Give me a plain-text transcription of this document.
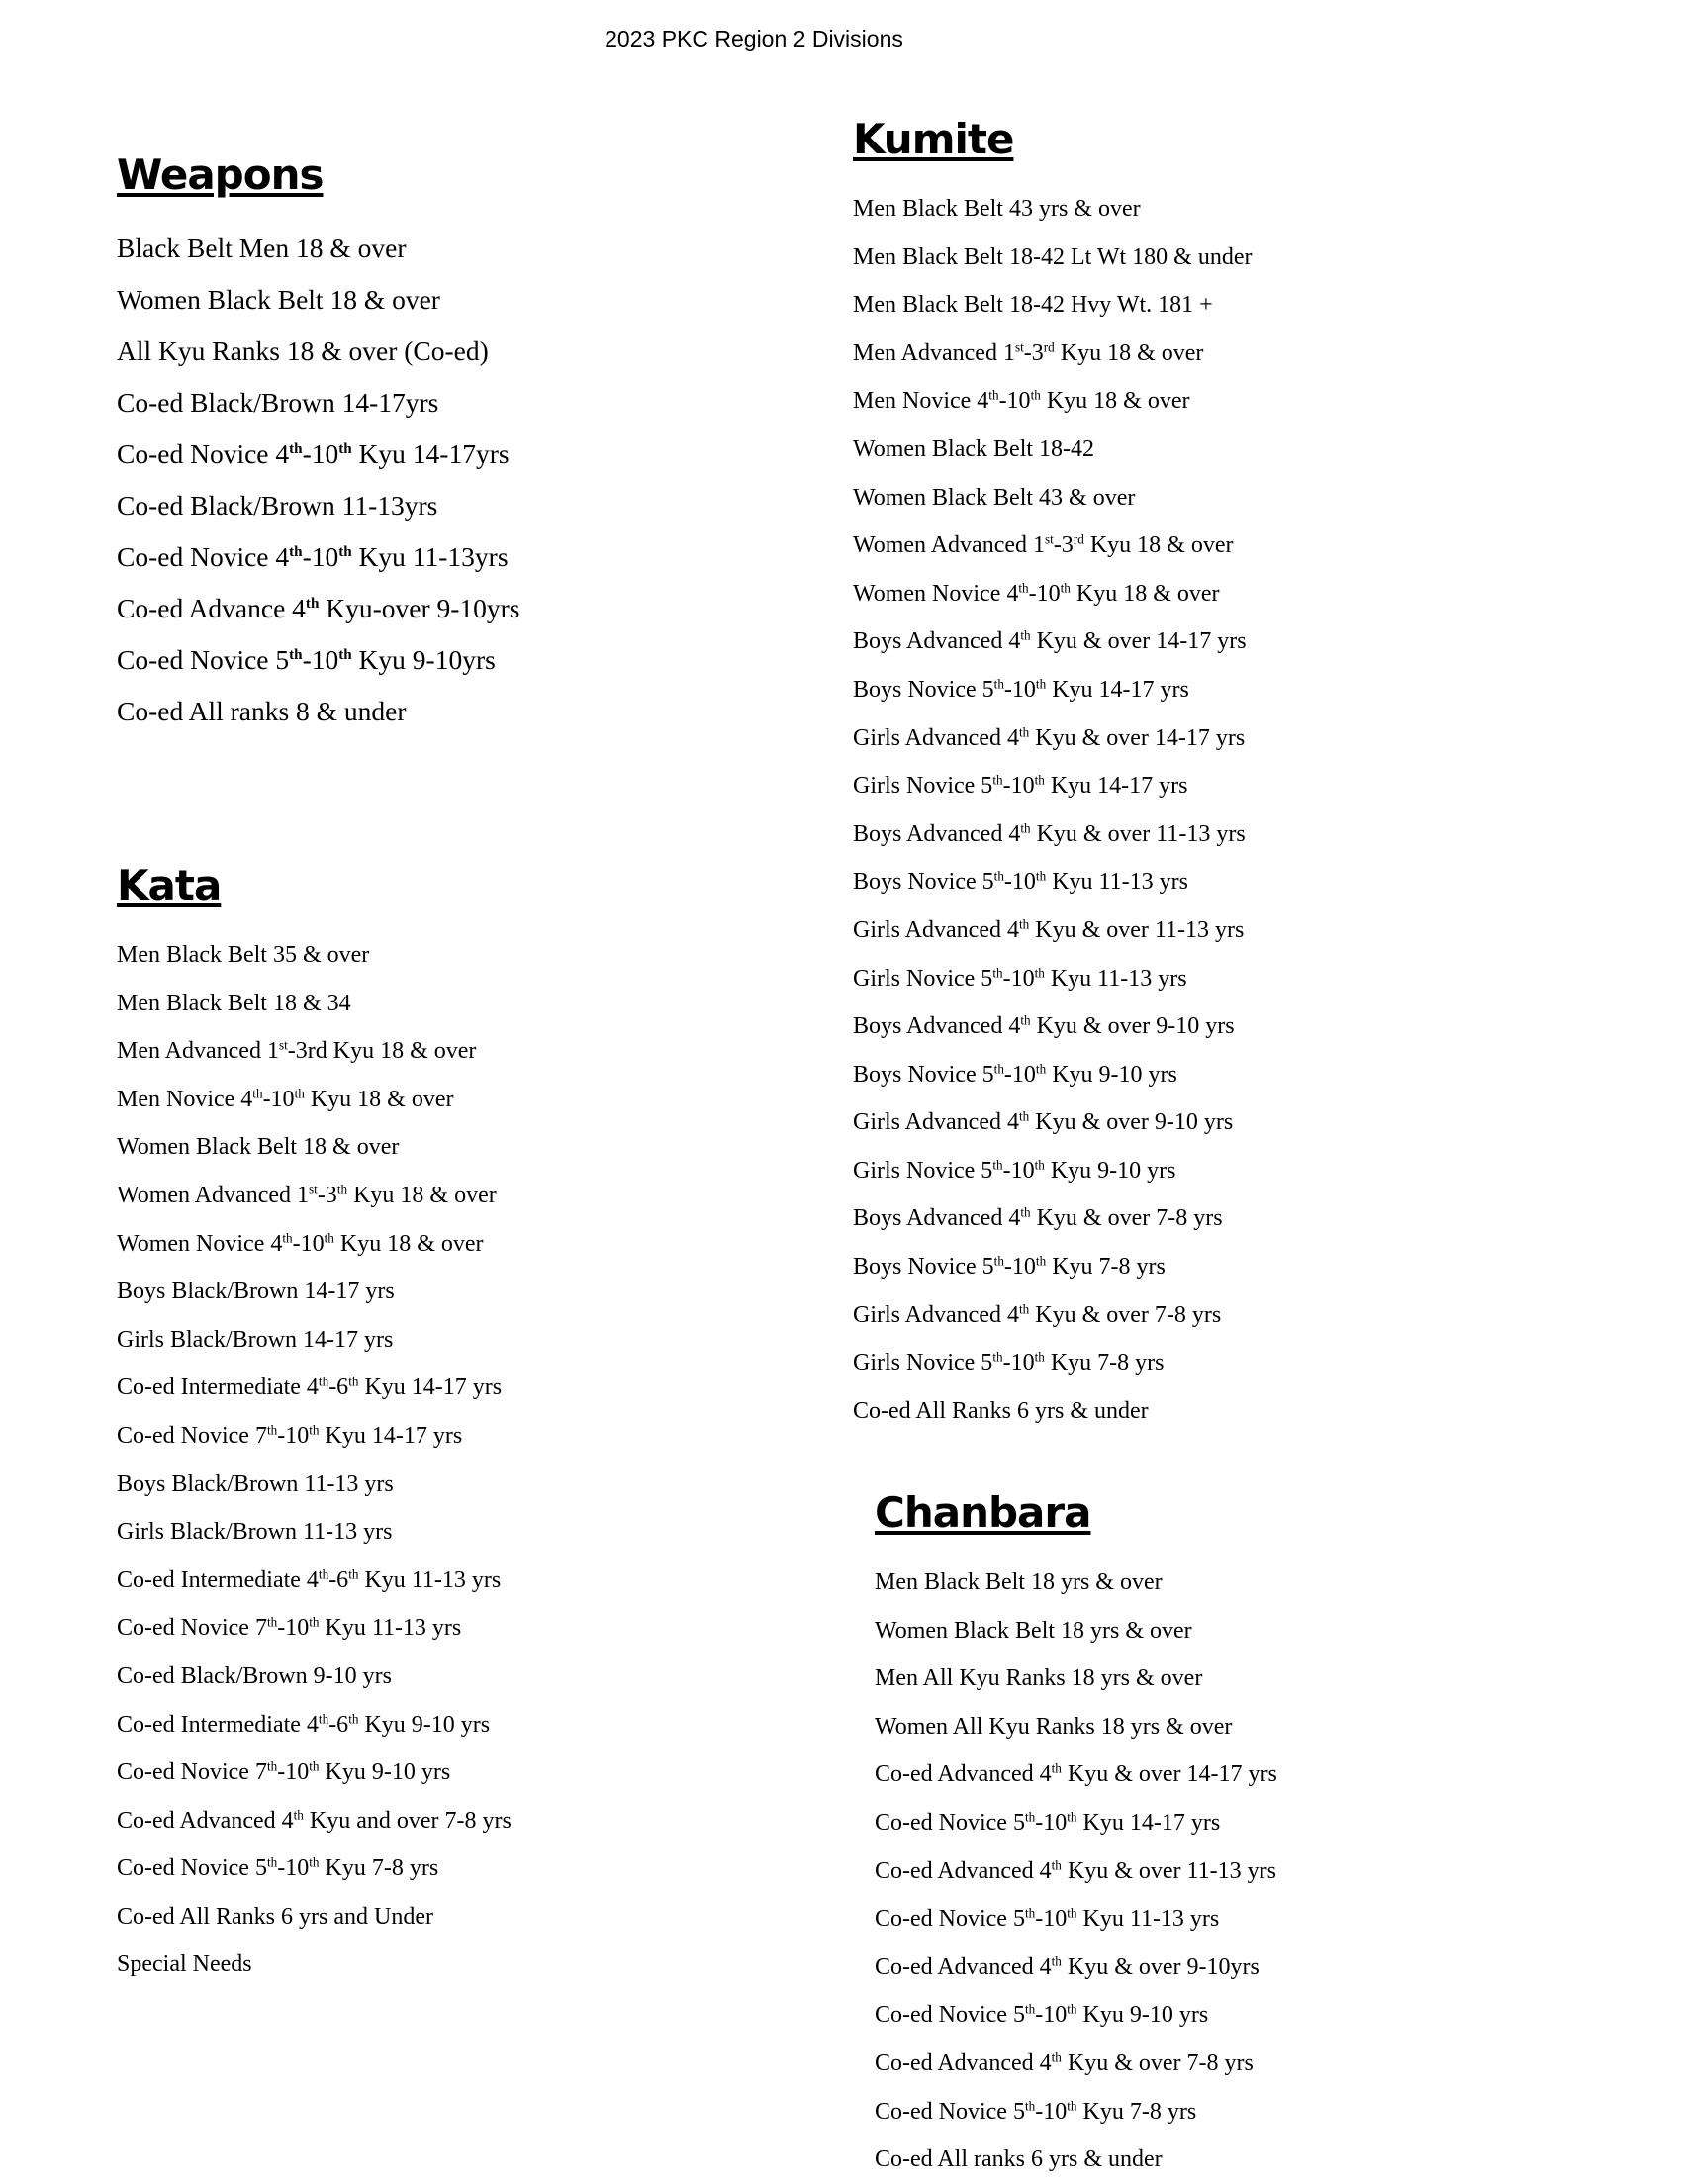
2023 PKC Region 2 Divisions
Weapons
Black Belt Men 18 & over
Women Black Belt 18 & over
All Kyu Ranks 18 & over (Co-ed)
Co-ed Black/Brown 14-17yrs
Co-ed Novice 4th-10th Kyu 14-17yrs
Co-ed Black/Brown 11-13yrs
Co-ed Novice 4th-10th Kyu 11-13yrs
Co-ed Advance 4th Kyu-over 9-10yrs
Co-ed Novice 5th-10th Kyu 9-10yrs
Co-ed All ranks 8 & under
Kata
Men Black Belt 35 & over
Men Black Belt 18 & 34
Men Advanced 1st-3rd Kyu 18 & over
Men Novice 4th-10th Kyu 18 & over
Women Black Belt 18 & over
Women Advanced 1st-3th Kyu 18 & over
Women Novice 4th-10th Kyu 18 & over
Boys Black/Brown 14-17 yrs
Girls Black/Brown 14-17 yrs
Co-ed Intermediate 4th-6th Kyu 14-17 yrs
Co-ed Novice 7th-10th Kyu 14-17 yrs
Boys Black/Brown 11-13 yrs
Girls Black/Brown 11-13 yrs
Co-ed Intermediate 4th-6th Kyu 11-13 yrs
Co-ed Novice 7th-10th Kyu 11-13 yrs
Co-ed Black/Brown 9-10 yrs
Co-ed Intermediate 4th-6th Kyu 9-10 yrs
Co-ed Novice 7th-10th Kyu 9-10 yrs
Co-ed Advanced 4th Kyu and over 7-8 yrs
Co-ed Novice 5th-10th Kyu 7-8 yrs
Co-ed All Ranks 6 yrs and Under
Special Needs
Kumite
Men Black Belt 43 yrs & over
Men Black Belt 18-42 Lt Wt 180 & under
Men Black Belt 18-42 Hvy Wt. 181 +
Men Advanced 1st-3rd Kyu 18 & over
Men Novice 4th-10th Kyu 18 & over
Women Black Belt 18-42
Women Black Belt 43 & over
Women Advanced 1st-3rd Kyu 18 & over
Women Novice 4th-10th Kyu 18 & over
Boys Advanced 4th Kyu & over 14-17 yrs
Boys Novice 5th-10th Kyu 14-17 yrs
Girls Advanced 4th Kyu & over 14-17 yrs
Girls Novice 5th-10th Kyu 14-17 yrs
Boys Advanced 4th Kyu & over 11-13 yrs
Boys Novice 5th-10th Kyu 11-13 yrs
Girls Advanced 4th Kyu & over 11-13 yrs
Girls Novice 5th-10th Kyu 11-13 yrs
Boys Advanced 4th Kyu & over 9-10 yrs
Boys Novice 5th-10th Kyu 9-10 yrs
Girls Advanced 4th Kyu & over 9-10 yrs
Girls Novice 5th-10th Kyu 9-10 yrs
Boys Advanced 4th Kyu & over 7-8 yrs
Boys Novice 5th-10th Kyu 7-8 yrs
Girls Advanced 4th Kyu & over 7-8 yrs
Girls Novice 5th-10th Kyu 7-8 yrs
Co-ed All Ranks 6 yrs & under
Chanbara
Men Black Belt 18 yrs & over
Women Black Belt 18 yrs & over
Men All Kyu Ranks 18 yrs & over
Women All Kyu Ranks 18 yrs & over
Co-ed Advanced 4th Kyu & over 14-17 yrs
Co-ed Novice 5th-10th Kyu 14-17 yrs
Co-ed Advanced 4th Kyu & over 11-13 yrs
Co-ed Novice 5th-10th Kyu 11-13 yrs
Co-ed Advanced 4th Kyu & over 9-10yrs
Co-ed Novice 5th-10th Kyu 9-10 yrs
Co-ed Advanced 4th Kyu & over 7-8 yrs
Co-ed Novice 5th-10th Kyu 7-8 yrs
Co-ed All ranks 6 yrs & under
